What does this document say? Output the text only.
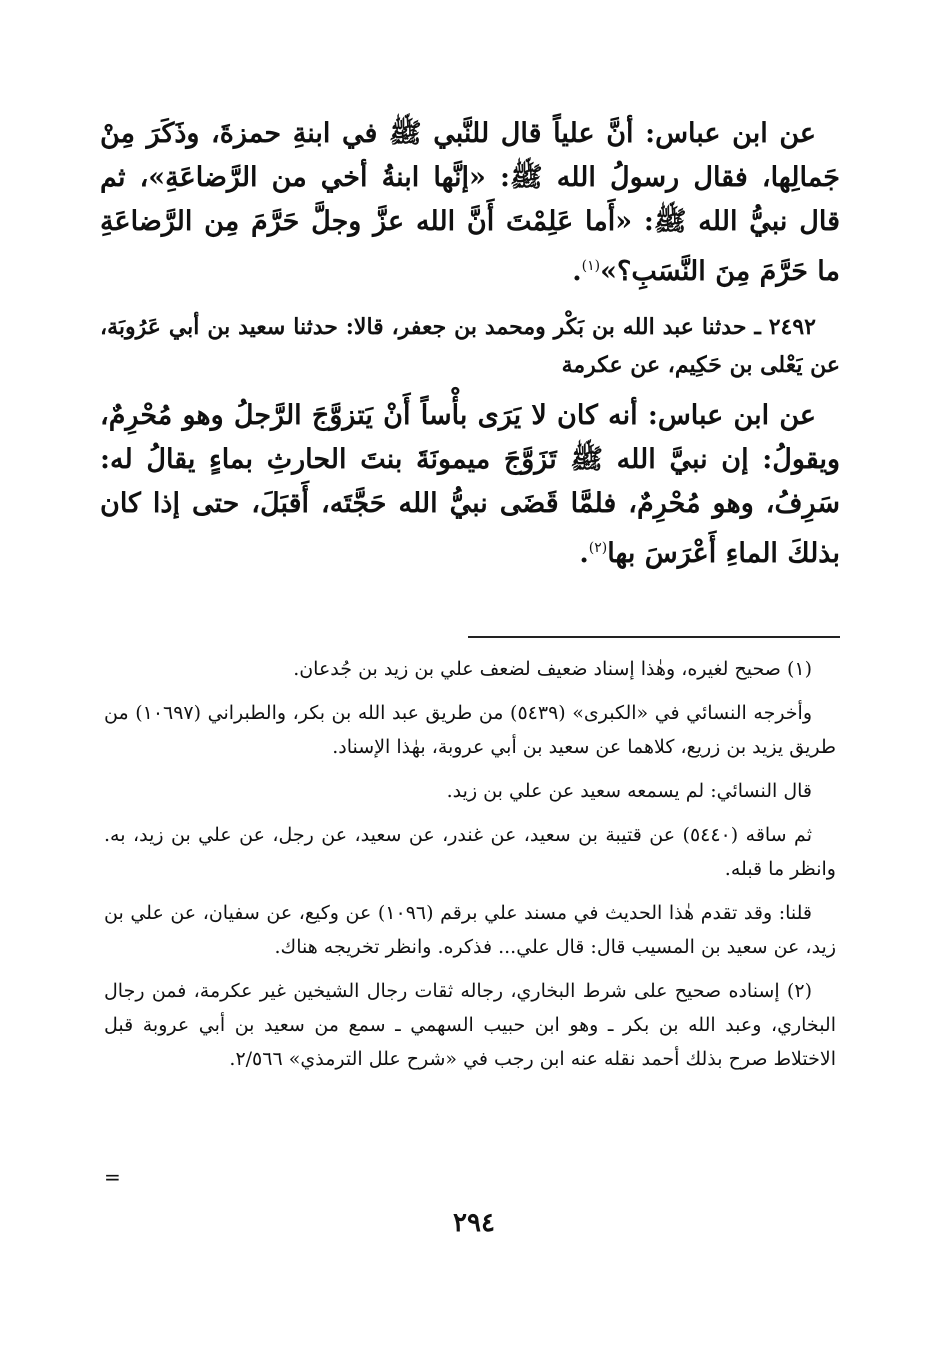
عن ابن عباس: أنَّ علياً قال للنَّبي ﷺ في ابنةِ حمزةَ، وذَكَرَ مِنْ جَمالِها، فقال رسولُ الله ﷺ: «إنَّها ابنةُ أخي من الرَّضاعَةِ»، ثم قال نبيُّ الله ﷺ: «أَما عَلِمْتَ أَنَّ الله عزَّ وجلَّ حَرَّمَ مِن الرَّضاعَةِ ما حَرَّمَ مِنَ النَّسَبِ؟»$^{(١)}$.

٢٤٩٢ ـ حدثنا عبد الله بن بَكْر ومحمد بن جعفر، قالا: حدثنا سعيد بن أبي عَرُوبَة، عن يَعْلى بن حَكِيم، عن عكرمة

عن ابن عباس: أنه كان لا يَرَى بأْساً أَنْ يَتزوَّجَ الرَّجلُ وهو مُحْرِمٌ، ويقولُ: إن نبيَّ الله ﷺ تَزَوَّجَ ميمونَةَ بنتَ الحارثِ بماءٍ يقالُ له: سَرِفُ، وهو مُحْرِمٌ، فلمَّا قَضَى نبيُّ الله حَجَّتَه، أَقبَلَ، حتى إذا كان بذلكَ الماءِ أَعْرَسَ بها$^{(٢)}$.

(١) صحيح لغيره، وهٰذا إسناد ضعيف لضعف علي بن زيد بن جُدعان.

وأخرجه النسائي في «الكبرى» (٥٤٣٩) من طريق عبد الله بن بكر، والطبراني (١٠٦٩٧) من طريق يزيد بن زريع، كلاهما عن سعيد بن أبي عروبة، بهٰذا الإسناد.

قال النسائي: لم يسمعه سعيد عن علي بن زيد.

ثم ساقه (٥٤٤٠) عن قتيبة بن سعيد، عن غندر، عن سعيد، عن رجل، عن علي بن زيد، به. وانظر ما قبله.

قلنا: وقد تقدم هٰذا الحديث في مسند علي برقم (١٠٩٦) عن وكيع، عن سفيان، عن علي بن زيد، عن سعيد بن المسيب قال: قال علي... فذكره. وانظر تخريجه هناك.

(٢) إسناده صحيح على شرط البخاري، رجاله ثقات رجال الشيخين غير عكرمة، فمن رجال البخاري، وعبد الله بن بكر ـ وهو ابن حبيب السهمي ـ سمع من سعيد بن أبي عروبة قبل الاختلاط صرح بذلك أحمد نقله عنه ابن رجب في «شرح علل الترمذي» ٢/٥٦٦.

=
٢٩٤
